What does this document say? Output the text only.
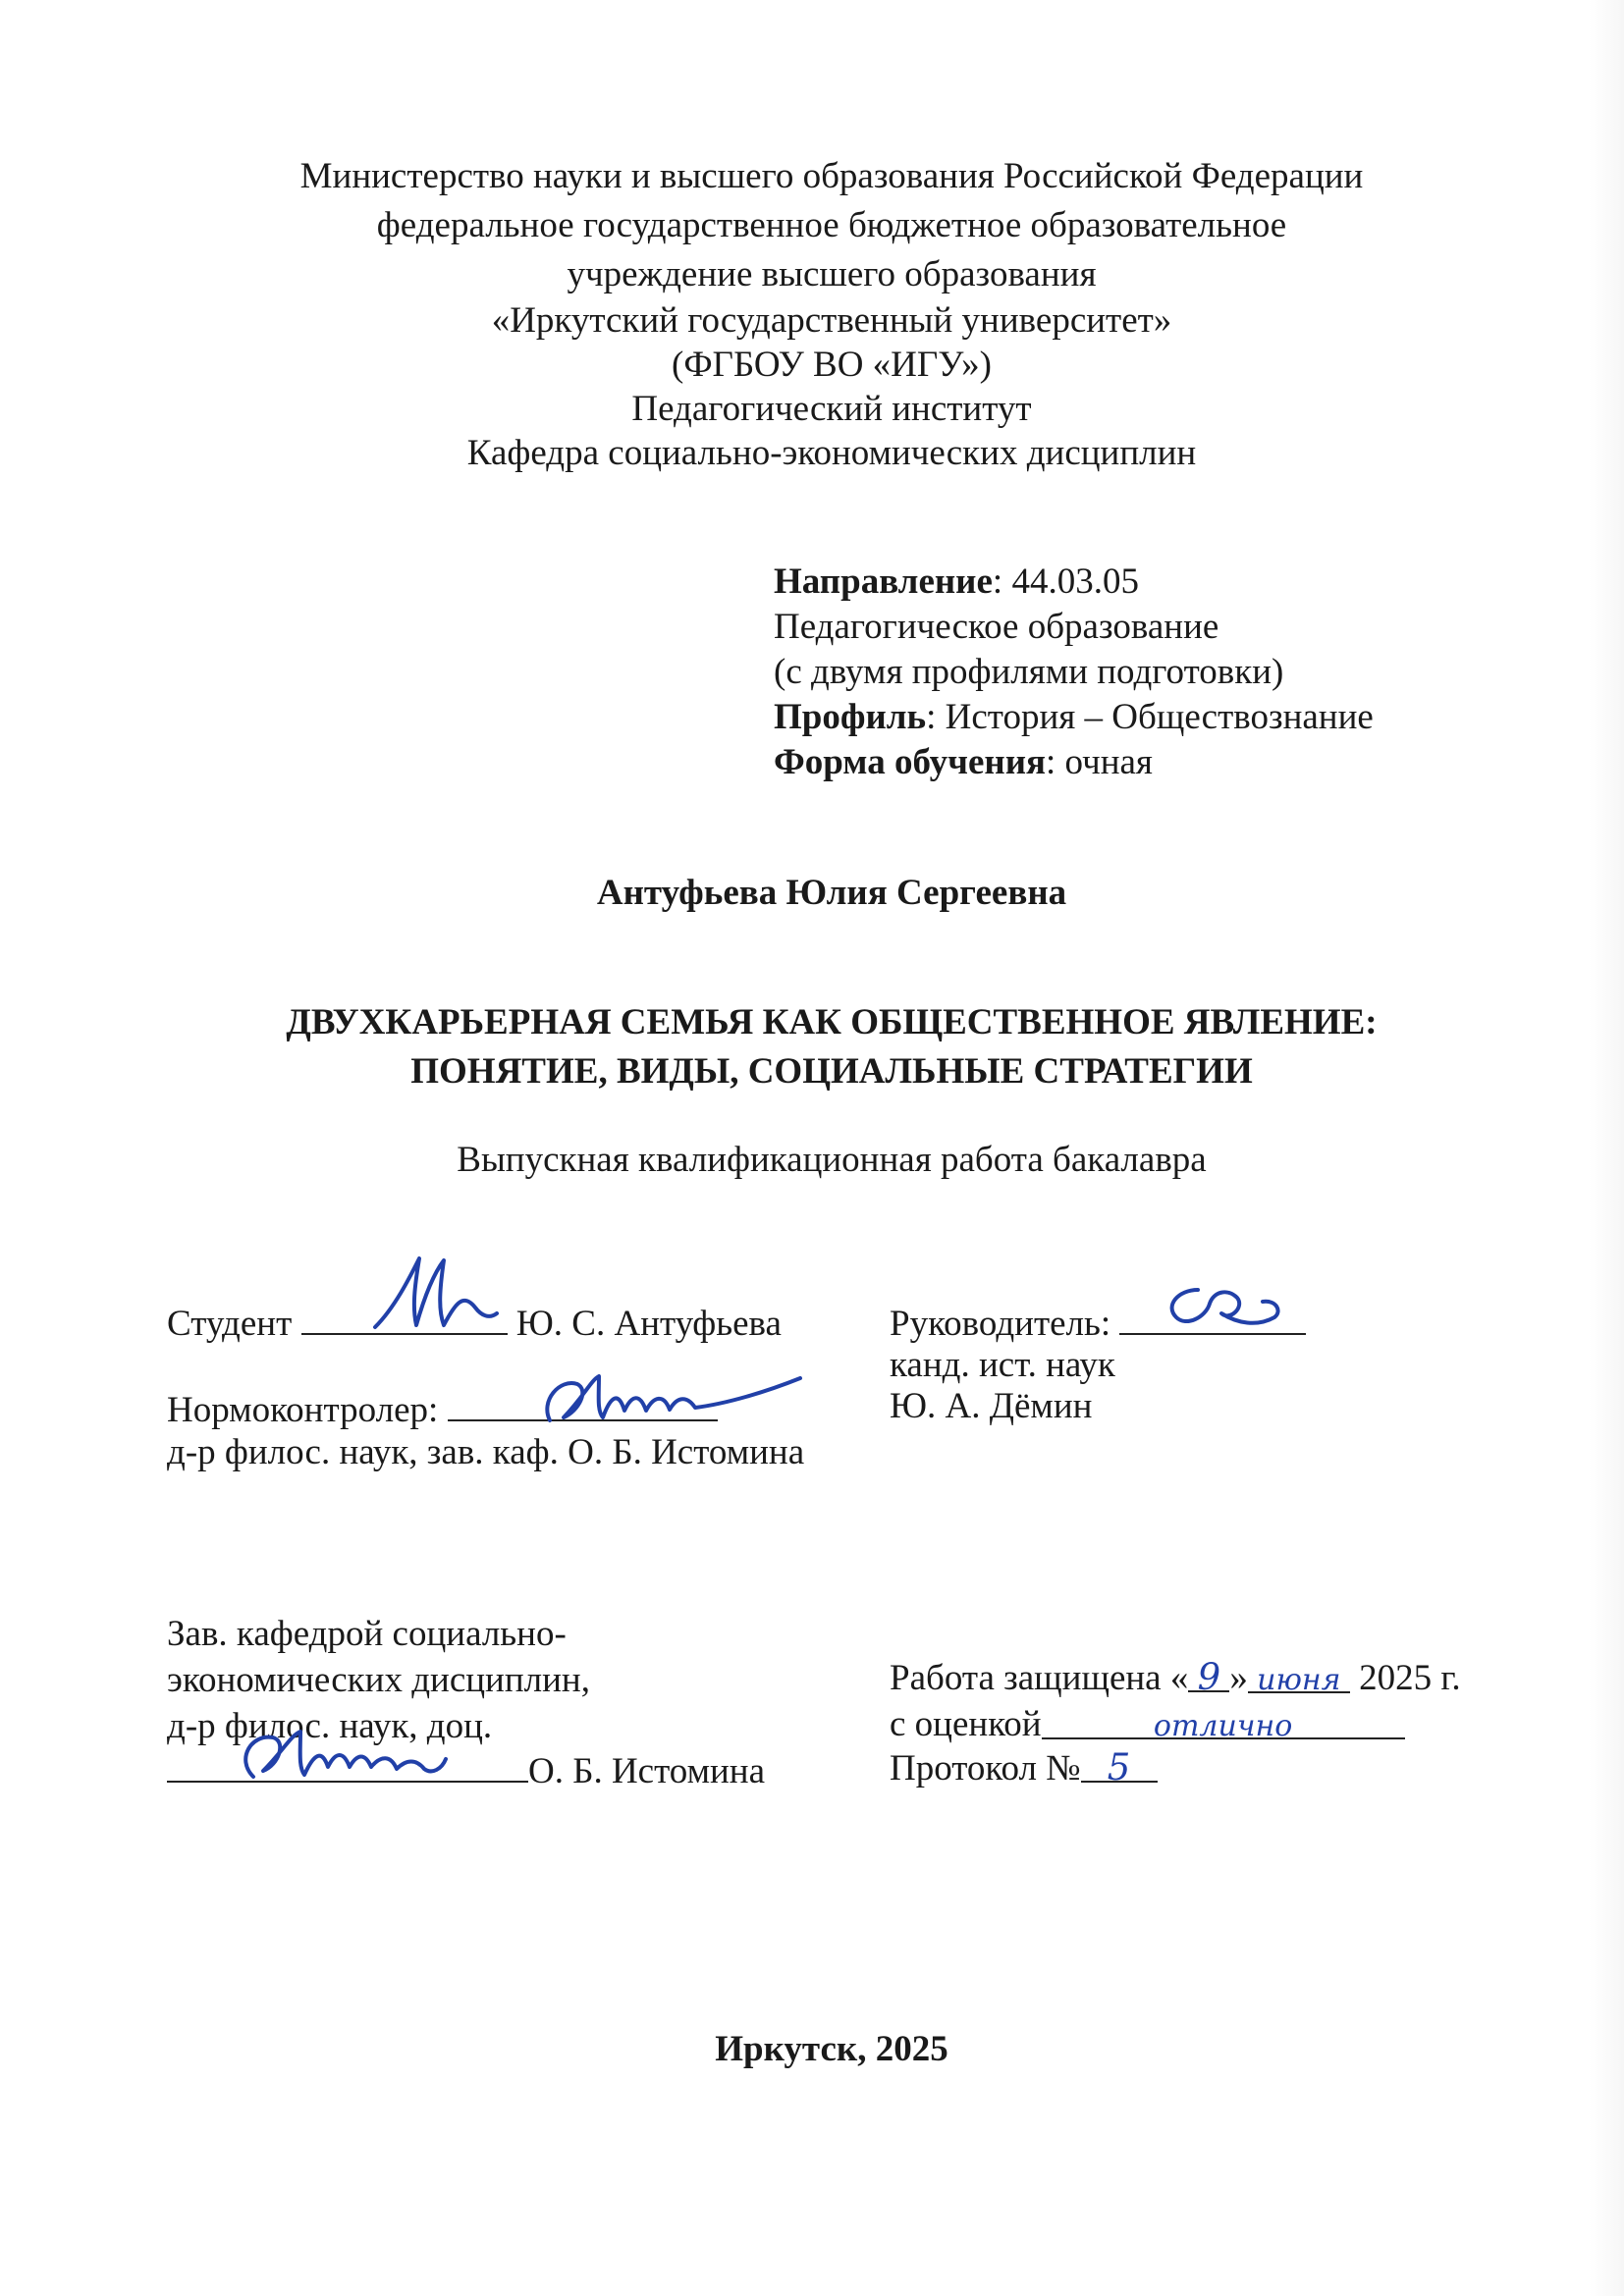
Министерство науки и высшего образования Российской Федерации
федеральное государственное бюджетное образовательное
учреждение высшего образования
«Иркутский государственный университет»
(ФГБОУ ВО «ИГУ»)
Педагогический институт
Кафедра социально-экономических дисциплин
Направление: 44.03.05
Педагогическое образование
(с двумя профилями подготовки)
Профиль: История – Обществознание
Форма обучения: очная
Антуфьева Юлия Сергеевна
ДВУХКАРЬЕРНАЯ СЕМЬЯ КАК ОБЩЕСТВЕННОЕ ЯВЛЕНИЕ:
ПОНЯТИЕ, ВИДЫ, СОЦИАЛЬНЫЕ СТРАТЕГИИ
Выпускная квалификационная работа бакалавра
Студент	Ю. С. Антуфьева
Нормоконтролер:
д-р филос. наук, зав. каф. О. Б. Истомина
Руководитель:
канд. ист. наук
Ю. А. Дёмин
Зав. кафедрой социально-
экономических дисциплин,
д-р филос. наук, доц.
О. Б. Истомина
Работа защищена « 9 » июня 2025 г.
с оценкой	отлично
Протокол № 5
Иркутск, 2025
